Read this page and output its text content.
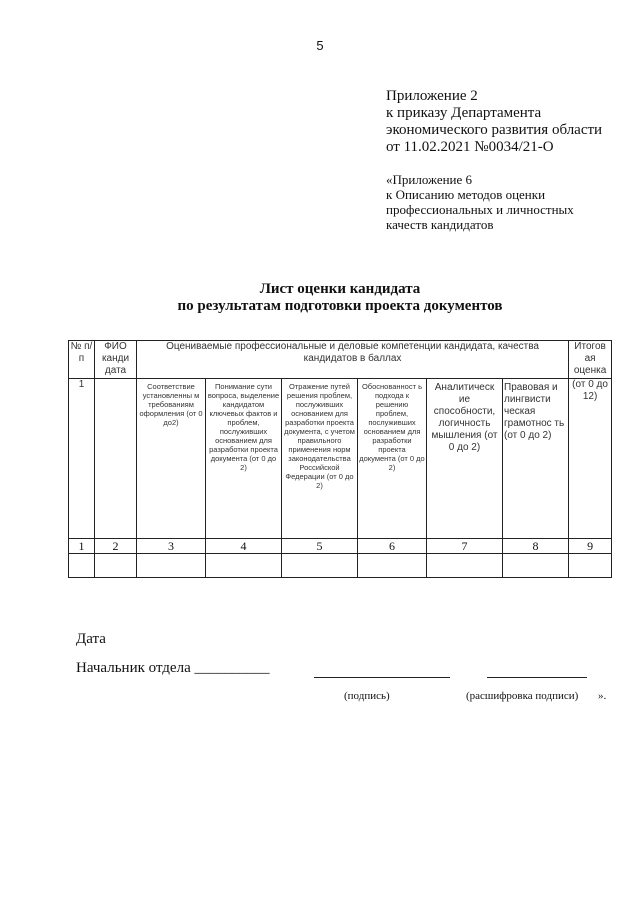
5
Приложение 2
к приказу Департамента
экономического развития области
от 11.02.2021 №0034/21-О
«Приложение 6
к Описанию методов оценки
профессиональных и личностных
качеств кандидатов
Лист оценки кандидата
по результатам подготовки проекта документов
№ п/п	ФИО канди дата	Оцениваемые профессиональные и деловые компетенции кандидата, качества кандидатов в баллах						Итогов ая оценка
1		Соответствие установленны м требованиям оформления (от 0 до2)	Понимание сути вопроса, выделение кандидатом ключевых фактов и проблем, послуживших основанием для разработки проекта документа (от 0 до 2)	Отражение путей решения проблем, послуживших основанием для разработки проекта документа, с учетом правильного применения норм законодательства Российской Федерации (от 0 до 2)	Обоснованност ь подхода к решению проблем, послуживших основанием для разработки проекта документа (от 0 до 2)	Аналитическ ие способности, логичность мышления (от 0 до 2)	Правовая и лингвисти ческая грамотнос ть (от 0 до 2)	(от 0 до 12)
1	2	3	4	5	6	7	8	9

Дата
Начальник отдела __________
(подпись)	(расшифровка подписи) ».
